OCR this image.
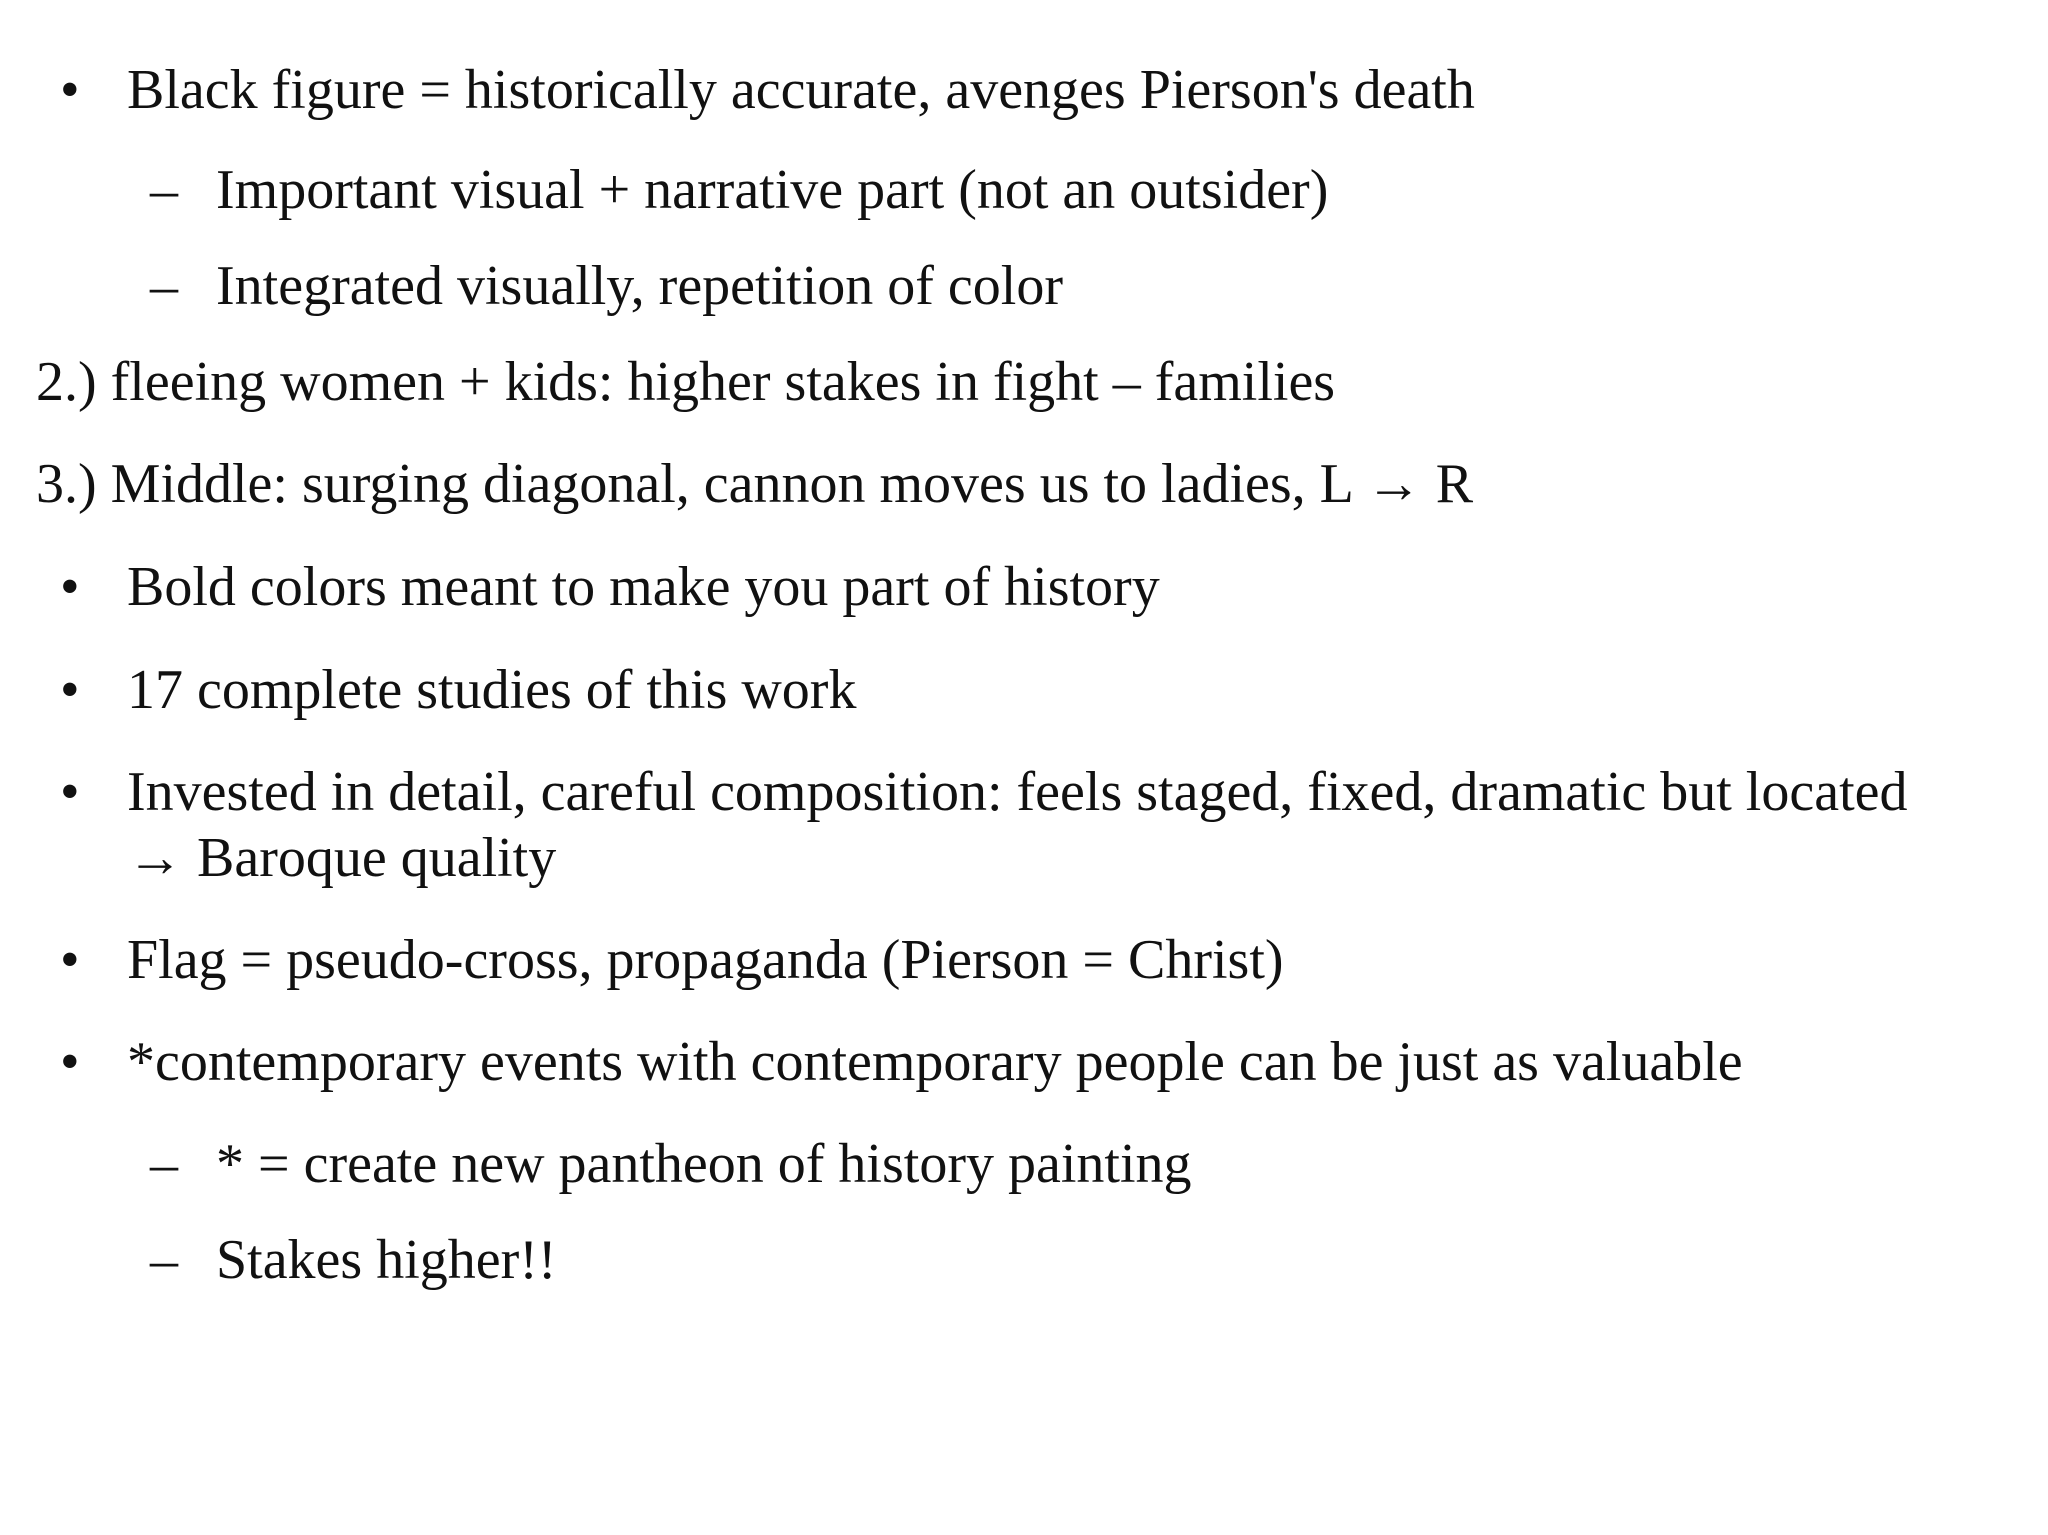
• Black figure = historically accurate, avenges Pierson's death
– Important visual + narrative part (not an outsider)
– Integrated visually, repetition of color
2.) fleeing women + kids: higher stakes in fight – families
3.) Middle: surging diagonal, cannon moves us to ladies, L → R
• Bold colors meant to make you part of history
• 17 complete studies of this work
• Invested in detail, careful composition: feels staged, fixed, dramatic but located
→ Baroque quality
• Flag = pseudo-cross, propaganda (Pierson = Christ)
• *contemporary events with contemporary people can be just as valuable
– * = create new pantheon of history painting
– Stakes higher!!
